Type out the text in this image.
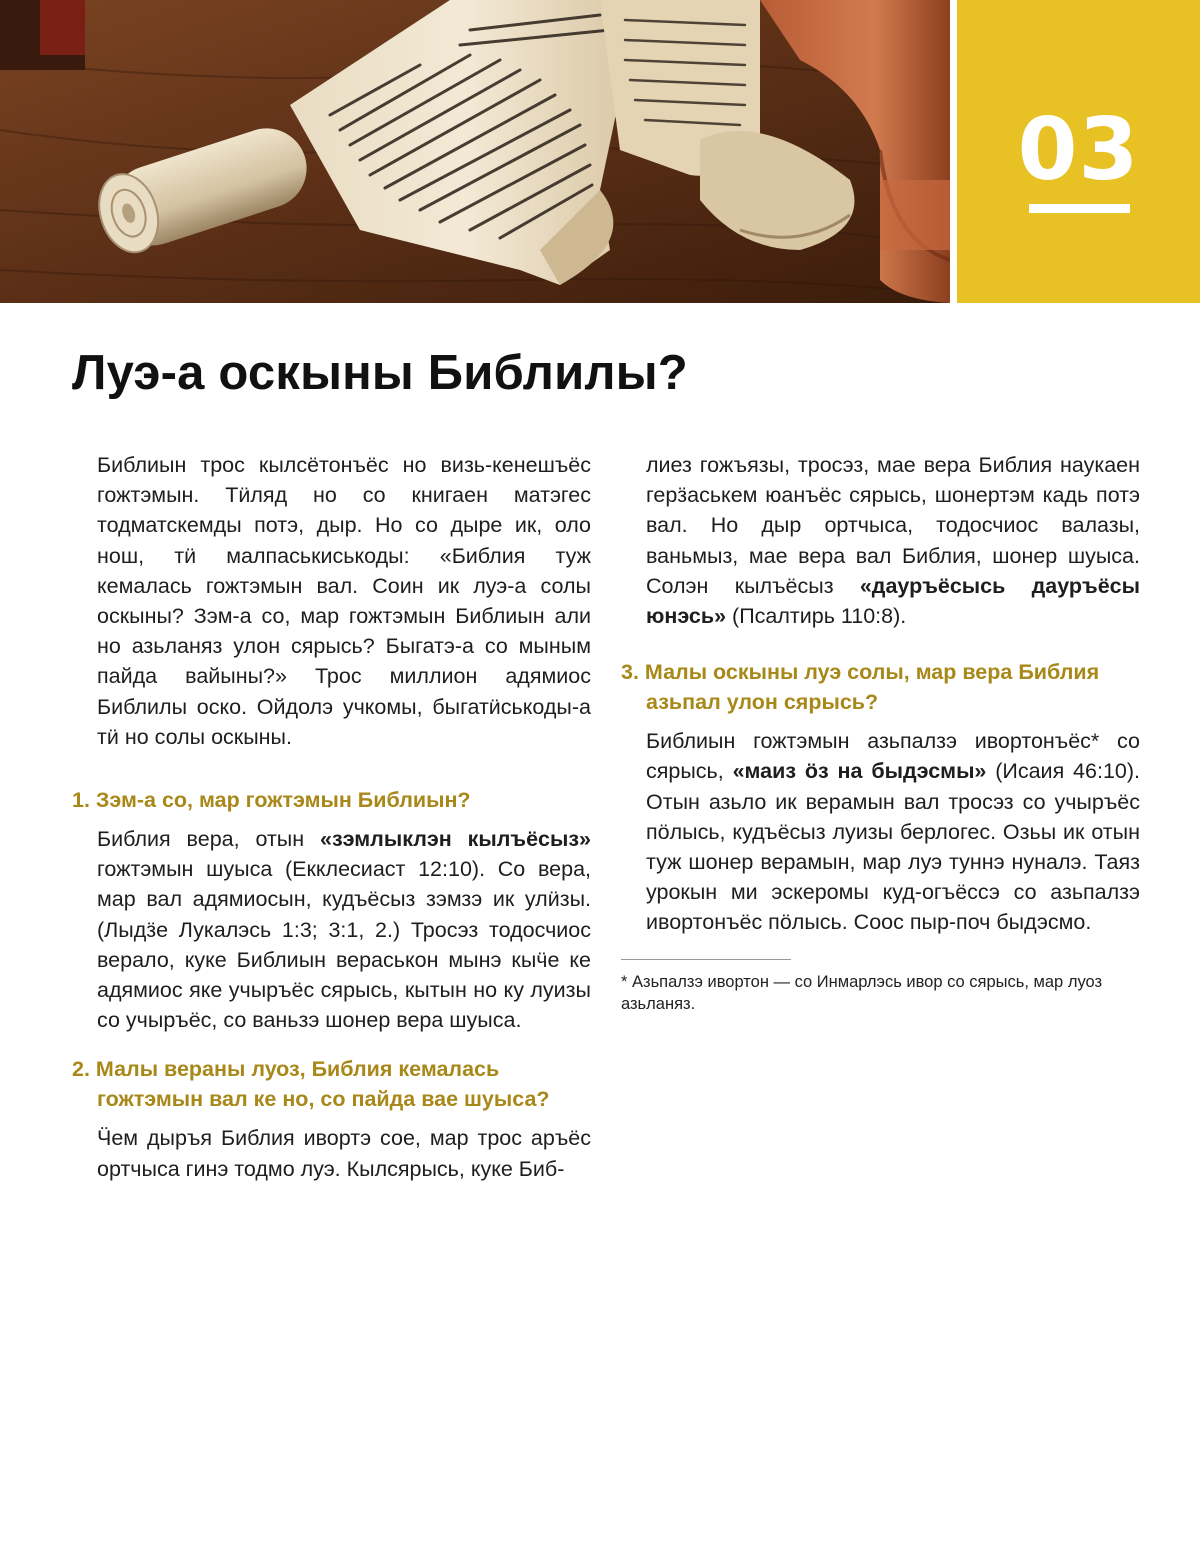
03
Луэ-а оскыны Библилы?

Библиын трос кылсётонъёс но визь-кенешъёс гожтэмын. Тӥляд но со книгаен матэгес тодматскемды потэ, дыр. Но со дыре ик, оло нош, тӥ малпаськиськоды: «Библия туж кемалась гожтэмын вал. Соин ик луэ-а солы оскыны? Зэм-а со, мар гожтэмын Библиын али но азьланяз улон сярысь? Быгатэ-а со мыным пайда вайыны?» Трос миллион адямиос Библилы оско. Ойдолэ учкомы, быгатӥськоды-а тӥ но солы оскыны.

1. Зэм-а со, мар гожтэмын Библиын?

Библия вера, отын «зэмлыклэн кылъёсыз» гожтэмын шуыса (Екклесиаст 12:10). Со вера, мар вал адямиосын, кудъёсыз зэмзэ ик улӥзы. (Лыдӟе Лукалэсь 1:3; 3:1, 2.) Тросэз тодосчиос верало, куке Библиын вераськон мынэ кыӵе ке адямиос яке учыръёс сярысь, кытын но ку луизы со учыръёс, со ваньзэ шонер вера шуыса.

2. Малы вераны луоз, Библия кемалась гожтэмын вал ке но, со пайда вае шуыса?

Ӵем дыръя Библия ивортэ сое, мар трос аръёс ортчыса гинэ тодмо луэ. Кылсярысь, куке Биб-

лиез гожъязы, тросэз, мае вера Библия наукаен герӟаськем юанъёс сярысь, шонертэм кадь потэ вал. Но дыр ортчыса, тодосчиос валазы, ваньмыз, мае вера вал Библия, шонер шуыса. Солэн кылъёсыз «дауръёсысь дауръёсы юнэсь» (Псалтирь 110:8).

3. Малы оскыны луэ солы, мар вера Библия азьпал улон сярысь?

Библиын гожтэмын азьпалзэ ивортонъёс* со сярысь, «маиз ӧз на быдэсмы» (Исаия 46:10). Отын азьло ик верамын вал тросэз со учыръёс пӧлысь, кудъёсыз луизы берлогес. Озьы ик отын туж шонер верамын, мар луэ туннэ нуналэ. Таяз урокын ми эскеромы куд-огъёссэ со азьпалзэ ивортонъёс пӧлысь. Соос пыр-поч быдэсмо.

* Азьпалзэ ивортон — со Инмарлэсь ивор со сярысь, мар луоз азьланяз.
